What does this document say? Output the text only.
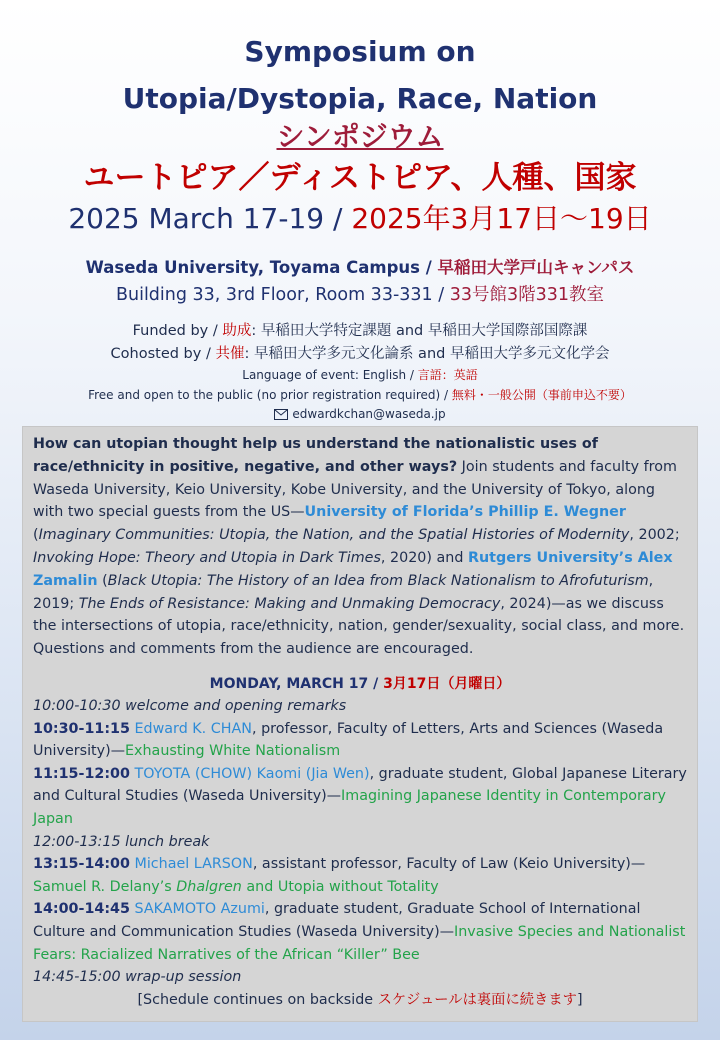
Symposium on
Utopia/Dystopia, Race, Nation
シンポジウム
ユートピア／ディストピア、人種、国家
2025 March 17-19 / 2025年3月17日～19日
Waseda University, Toyama Campus / 早稲田大学戸山キャンパス
Building 33, 3rd Floor, Room 33-331 / 33号館3階331教室
Funded by / 助成: 早稲田大学特定課題 and 早稲田大学国際部国際課
Cohosted by / 共催: 早稲田大学多元文化論系 and 早稲田大学多元文化学会
Language of event: English / 言語：英語
Free and open to the public (no prior registration required) / 無料・一般公開（事前申込不要）
edwardkchan@waseda.jp

How can utopian thought help us understand the nationalistic uses of race/ethnicity in positive, negative, and other ways? Join students and faculty from Waseda University, Keio University, Kobe University, and the University of Tokyo, along with two special guests from the US—University of Florida’s Phillip E. Wegner (Imaginary Communities: Utopia, the Nation, and the Spatial Histories of Modernity, 2002; Invoking Hope: Theory and Utopia in Dark Times, 2020) and Rutgers University’s Alex Zamalin (Black Utopia: The History of an Idea from Black Nationalism to Afrofuturism, 2019; The Ends of Resistance: Making and Unmaking Democracy, 2024)—as we discuss the intersections of utopia, race/ethnicity, nation, gender/sexuality, social class, and more. Questions and comments from the audience are encouraged.

MONDAY, MARCH 17 / 3月17日（月曜日）
10:00-10:30 welcome and opening remarks
10:30-11:15 Edward K. CHAN, professor, Faculty of Letters, Arts and Sciences (Waseda University)—Exhausting White Nationalism
11:15-12:00 TOYOTA (CHOW) Kaomi (Jia Wen), graduate student, Global Japanese Literary and Cultural Studies (Waseda University)—Imagining Japanese Identity in Contemporary Japan
12:00-13:15 lunch break
13:15-14:00 Michael LARSON, assistant professor, Faculty of Law (Keio University)—Samuel R. Delany’s Dhalgren and Utopia without Totality
14:00-14:45 SAKAMOTO Azumi, graduate student, Graduate School of International Culture and Communication Studies (Waseda University)—Invasive Species and Nationalist Fears: Racialized Narratives of the African “Killer” Bee
14:45-15:00 wrap-up session
[Schedule continues on backside スケジュールは裏面に続きます]
